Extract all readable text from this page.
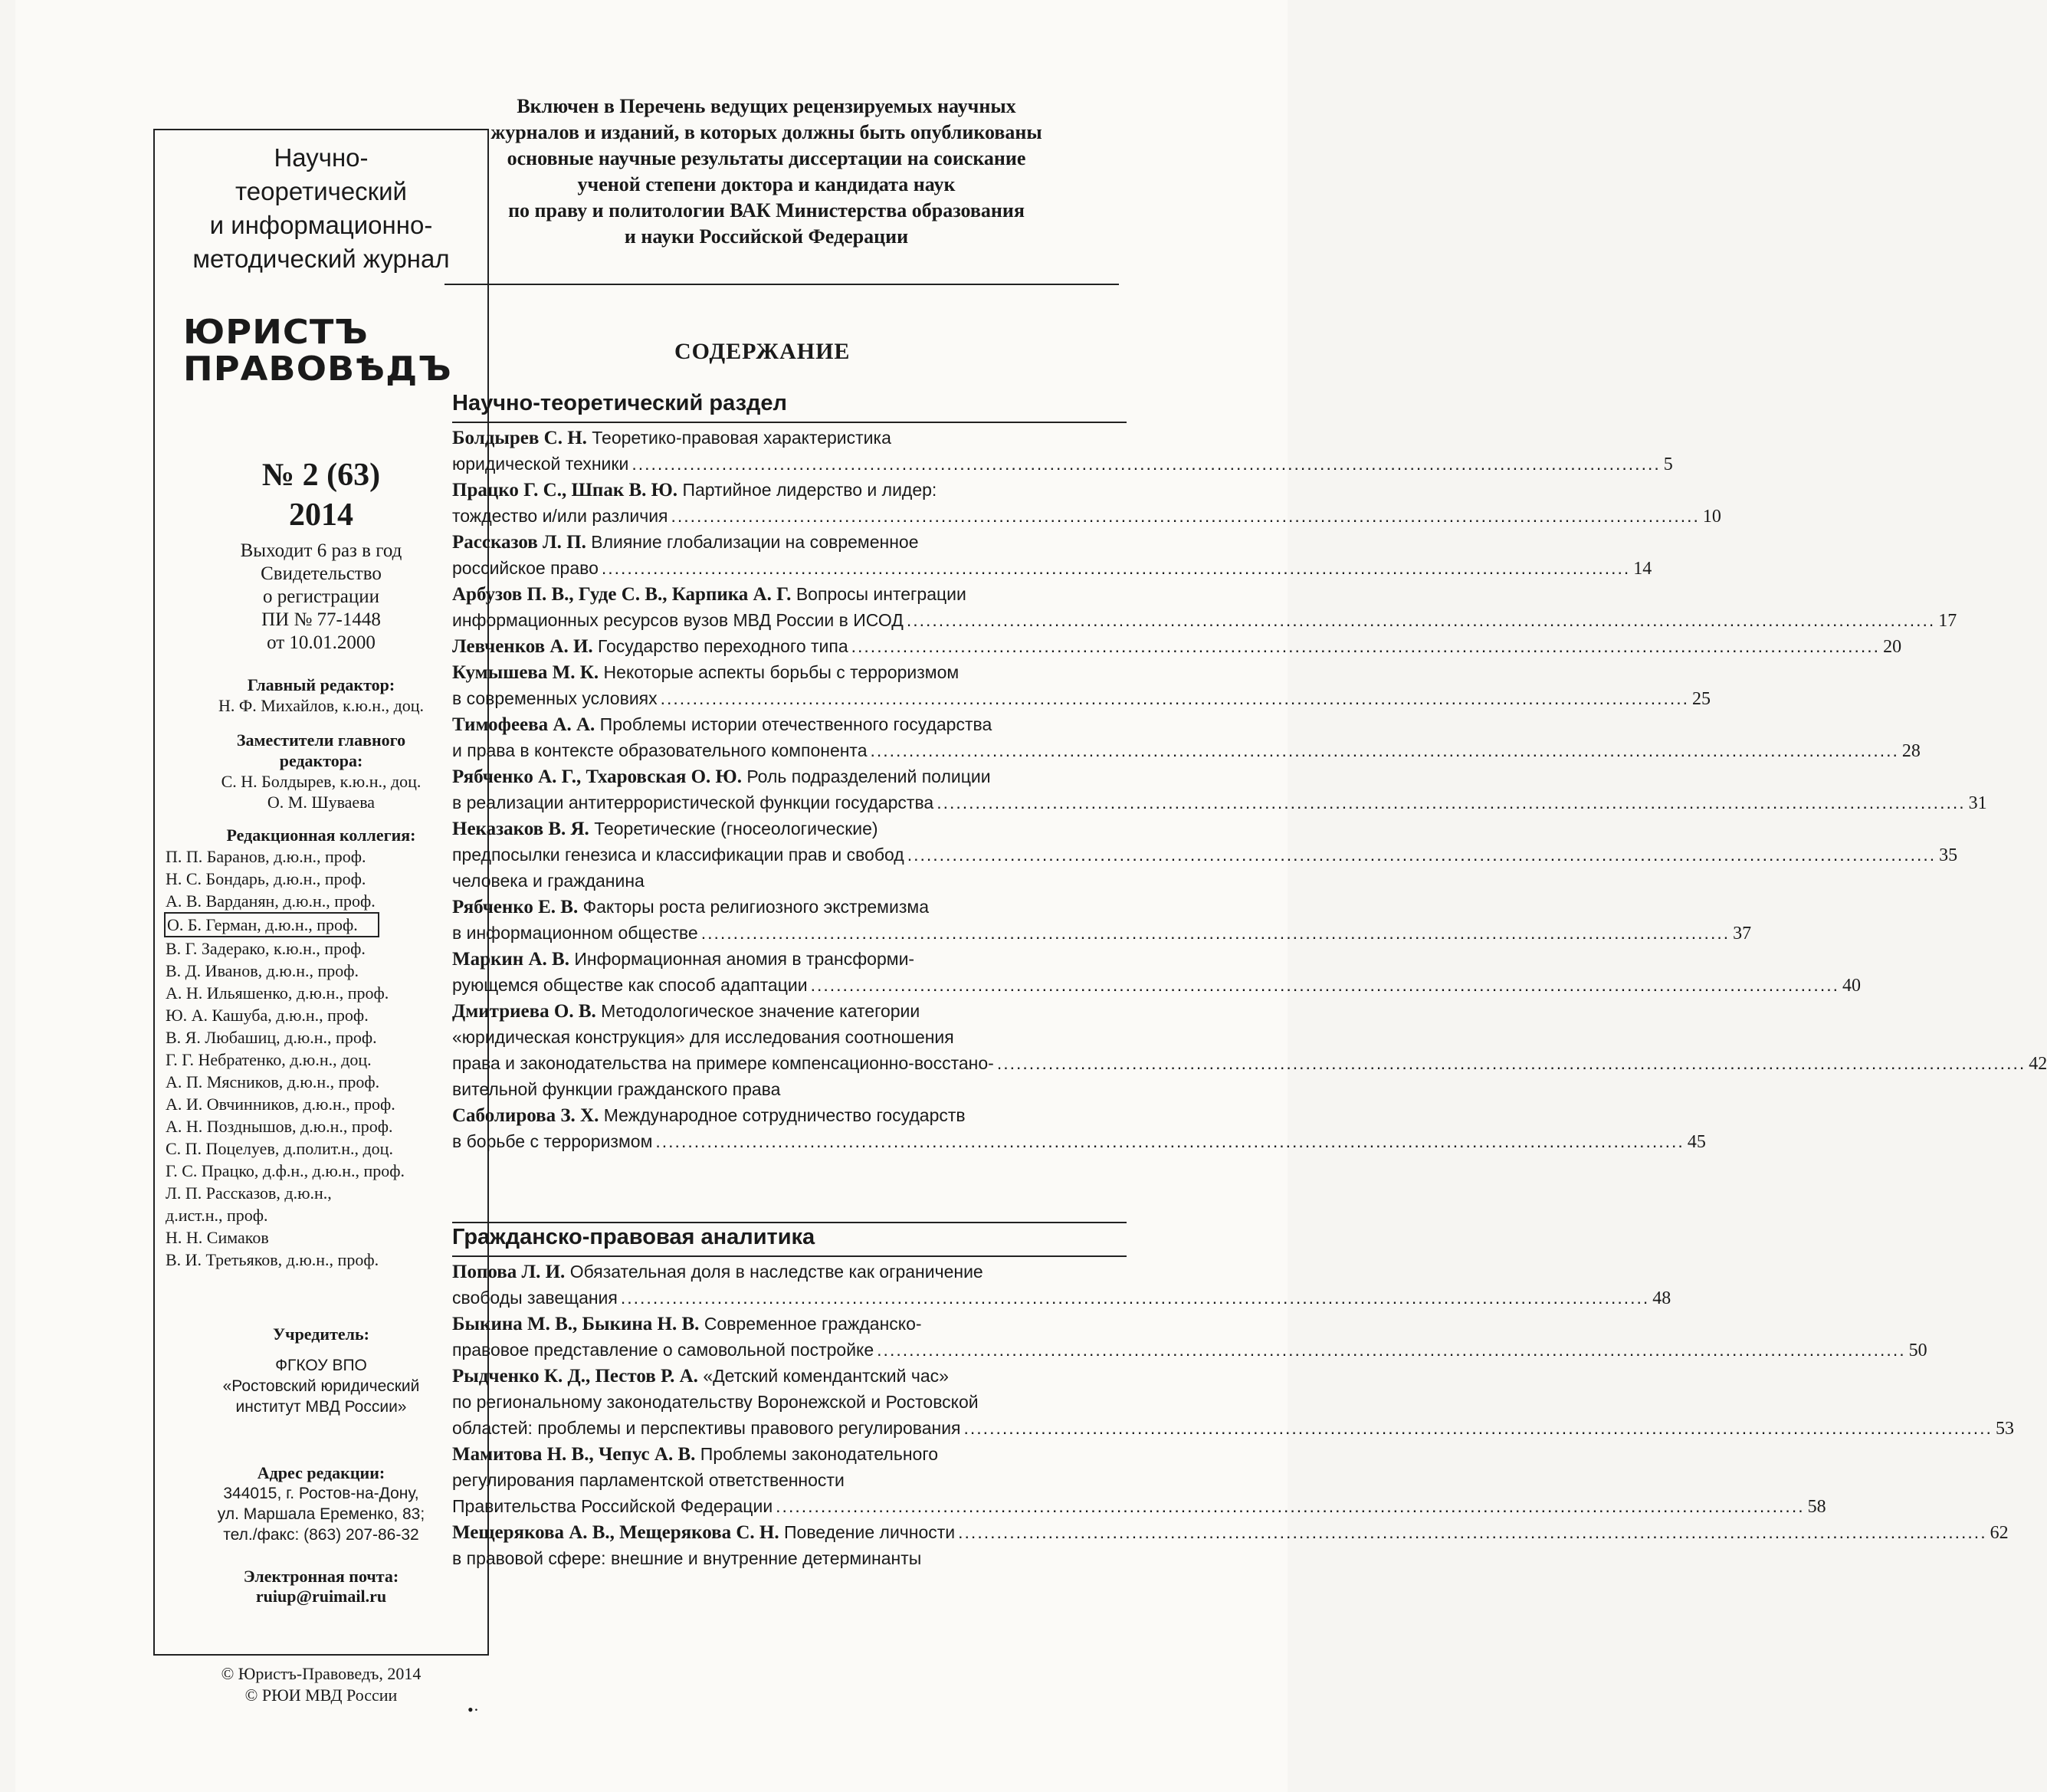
Научно-
теоретический
и информационно-
методический журнал
ЮРИСТЪ
ПРАВОВѢДЪ
№ 2 (63)
2014
Выходит 6 раз в год
Свидетельство
о регистрации
ПИ № 77-1448
от 10.01.2000
Главный редактор:
Н. Ф. Михайлов, к.ю.н., доц.
Заместители главного
редактора:
С. Н. Болдырев, к.ю.н., доц.
О. М. Шуваева
Редакционная коллегия:
П. П. Баранов, д.ю.н., проф.
Н. С. Бондарь, д.ю.н., проф.
А. В. Варданян, д.ю.н., проф.
О. Б. Герман, д.ю.н., проф.
В. Г. Задерако, к.ю.н., проф.
В. Д. Иванов, д.ю.н., проф.
А. Н. Ильяшенко, д.ю.н., проф.
Ю. А. Кашуба, д.ю.н., проф.
В. Я. Любашиц, д.ю.н., проф.
Г. Г. Небратенко, д.ю.н., доц.
А. П. Мясников, д.ю.н., проф.
А. И. Овчинников, д.ю.н., проф.
А. Н. Позднышов, д.ю.н., проф.
С. П. Поцелуев, д.полит.н., доц.
Г. С. Працко, д.ф.н., д.ю.н., проф.
Л. П. Рассказов, д.ю.н.,
д.ист.н., проф.
Н. Н. Симаков
В. И. Третьяков, д.ю.н., проф.
Учредитель:
ФГКОУ ВПО
«Ростовский юридический
институт МВД России»
Адрес редакции:
344015, г. Ростов-на-Дону,
ул. Маршала Еременко, 83;
тел./факс: (863) 207-86-32
Электронная почта:
ruiup@ruimail.ru
© Юристъ-Правоведъ, 2014
© РЮИ МВД России
Включен в Перечень ведущих рецензируемых научных
журналов и изданий, в которых должны быть опубликованы
основные научные результаты диссертации на соискание
ученой степени доктора и кандидата наук
по праву и политологии ВАК Министерства образования
и науки Российской Федерации
СОДЕРЖАНИЕ
Научно-теоретический раздел
Болдырев С. Н. Теоретико-правовая характеристика
юридической техники ................................................................................................................................................................ 5
Працко Г. С., Шпак В. Ю. Партийное лидерство и лидер:
тождество и/или различия ................................................................................................................................................................ 10
Рассказов Л. П. Влияние глобализации на современное
российское право ................................................................................................................................................................ 14
Арбузов П. В., Гуде С. В., Карпика А. Г. Вопросы интеграции
информационных ресурсов вузов МВД России в ИСОД ................................................................................................................................................................ 17
Левченков А. И. Государство переходного типа ................................................................................................................................................................ 20
Кумышева М. К. Некоторые аспекты борьбы с терроризмом
в современных условиях ................................................................................................................................................................ 25
Тимофеева А. А. Проблемы истории отечественного государства
и права в контексте образовательного компонента ................................................................................................................................................................ 28
Рябченко А. Г., Тхаровская О. Ю. Роль подразделений полиции
в реализации антитеррористической функции государства ................................................................................................................................................................ 31
Неказаков В. Я. Теоретические (гносеологические)
предпосылки генезиса и классификации прав и свобод ................................................................................................................................................................ 35
человека и гражданина
Рябченко Е. В. Факторы роста религиозного экстремизма
в информационном обществе ................................................................................................................................................................ 37
Маркин А. В. Информационная аномия в трансформи-
рующемся обществе как способ адаптации ................................................................................................................................................................ 40
Дмитриева О. В. Методологическое значение категории
«юридическая конструкция» для исследования соотношения
права и законодательства на примере компенсационно-восстано- ................................................................................................................................................................ 42
вительной функции гражданского права
Саболирова З. Х. Международное сотрудничество государств
в борьбе с терроризмом ................................................................................................................................................................ 45
Гражданско-правовая аналитика
Попова Л. И. Обязательная доля в наследстве как ограничение
свободы завещания ................................................................................................................................................................ 48
Быкина М. В., Быкина Н. В. Современное гражданско-
правовое представление о самовольной постройке ................................................................................................................................................................ 50
Рыдченко К. Д., Пестов Р. А. «Детский комендантский час»
по региональному законодательству Воронежской и Ростовской
областей: проблемы и перспективы правового регулирования ................................................................................................................................................................ 53
Мамитова Н. В., Чепус А. В. Проблемы законодательного
регулирования парламентской ответственности
Правительства Российской Федерации ................................................................................................................................................................ 58
Мещерякова А. В., Мещерякова С. Н. Поведение личности ................................................................................................................................................................ 62
в правовой сфере: внешние и внутренние детерминанты
•·
